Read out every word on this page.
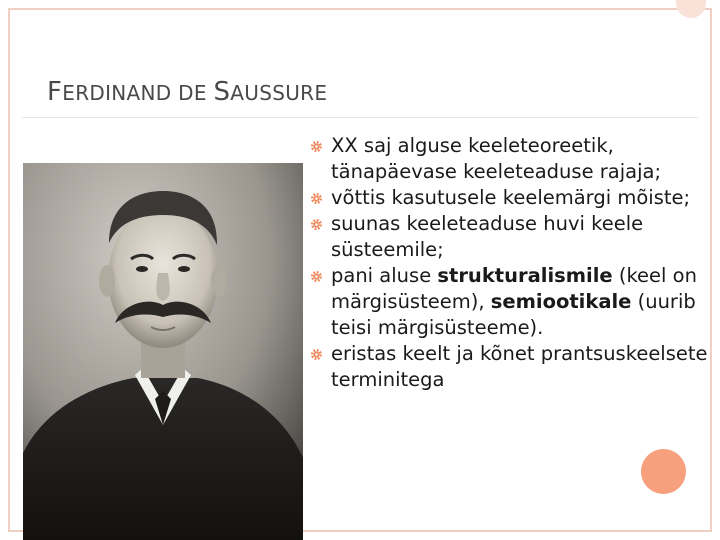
FERDINAND DE SAUSSURE
XX saj alguse keeleteoreetik, tänapäevase keeleteaduse rajaja;
võttis kasutusele keelemärgi mõiste;
suunas keeleteaduse huvi keele süsteemile;
pani aluse strukturalismile (keel on märgisüsteem), semiootikale (uurib teisi märgisüsteeme).
eristas keelt ja kõnet prantsuskeelsete terminitega
